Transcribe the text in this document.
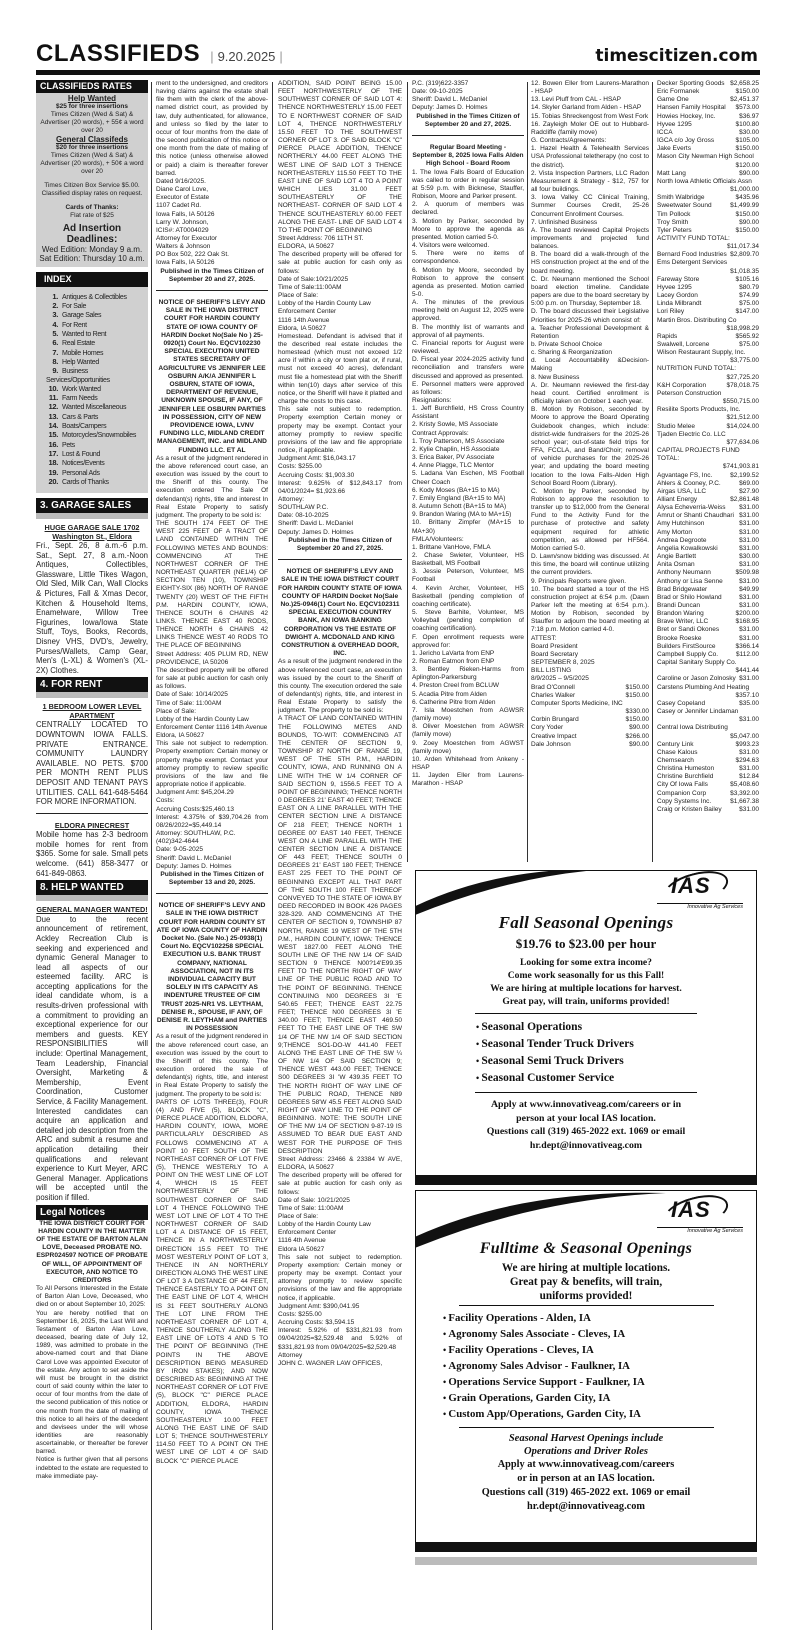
CLASSIFIEDS | 9.20.2025 |	timescitizen.com
CLASSIFIEDS RATES
Help Wanted
$25 for three insertions
Times Citizen (Wed & Sat) & Advertiser (20 words), + 55¢ a word over 20
General Classifeds
$20 for three insertions
Times Citizen (Wed & Sat) & Advertiser (20 words), + 50¢ a word over 20
Times Citizen Box Service $5.00. Classified display rates on request.
Cards of Thanks:
Flat rate of $25
Ad Insertion Deadlines:
Wed Edition: Monday 9 a.m.
Sat Edition: Thursday 10 a.m.
INDEX
1. Antiques & Collectibles
2. For Sale
3. Garage Sales
4. For Rent
5. Wanted to Rent
6. Real Estate
7. Mobile Homes
8. Help Wanted
9. Business Services/Opportunities
10. Work Wanted
11. Farm Needs
12. Wanted Miscellaneous
13. Cars & Parts
14. Boats/Campers
15. Motorcycles/Snowmobiles
16. Pets
17. Lost & Found
18. Notices/Events
19. Personal Ads
20. Cards of Thanks
3. GARAGE SALES
HUGE GARAGE SALE 1702 Washington St., Eldora
Fri., Sept. 26, 8 a.m.-6 p.m. Sat., Sept. 27, 8 a.m.-Noon Antiques, Collectibles, Glassware, Little Tikes Wagon, Old Sled, Milk Can, Wall Clocks & Pictures, Fall & Xmas Decor, Kitchen & Household Items, Enamelware, Willow Tree Figurines, Iowa/Iowa State Stuff, Toys, Books, Records, Disney VHS, DVD's, Jewelry, Purses/Wallets, Camp Gear, Men's (L-XL) & Women's (XL-2X) Clothes.
4. FOR RENT
1 BEDROOM LOWER LEVEL APARTMENT
CENTRALLY LOCATED TO DOWNTOWN IOWA FALLS. PRIVATE ENTRANCE. COMMUNITY LAUNDRY AVAILABLE. NO PETS. $700 PER MONTH RENT PLUS DEPOSIT AND TENANT PAYS UTILITIES. CALL 641-648-5464 FOR MORE INFORMATION.
ELDORA PINECREST
Mobile home has 2-3 bedroom mobile homes for rent from $365. Some for sale. Small pets welcome. (641) 858-3477 or 641-849-0863.
8. HELP WANTED
GENERAL MANAGER WANTED!
Due to the recent announcement of retirement, Ackley Recreation Club is seeking and experienced and dynamic General Manager to lead all aspects of our esteemed facility. ARC is accepting applications for the ideal candidate whom, is a results-driven professional with a commitment to providing an exceptional experience for our members and guests. KEY RESPONSIBILITIES will include: Opertinal Management, Team Leadership, Financial Oversight, Marketing & Membership, Event Coordination, Customer Service, & Facility Management. Interested candidates can acquire an application and detailed job description from the ARC and submit a resume and application detailing their qualifications and relevant experience to Kurt Meyer, ARC General Manager. Applications will be accepted until the position if filled.
Legal Notices
THE IOWA DISTRICT COURT FOR HARDIN COUNTY IN THE MATTER OF THE ESTATE OF BARTON ALAN LOVE, Deceased PROBATE NO. ESPR024597 NOTICE OF PROBATE OF WILL, OF APPOINTMENT OF EXECUTOR, AND NOTICE TO CREDITORS
To All Persons Interested in the Estate of Barton Alan Love, Deceased, who died on or about September 10, 2025:
You are hereby notified that on September 16, 2025, the Last Will and Testament of Barton Alan Love, deceased, bearing date of July 12, 1989, was admitted to probate in the above-named court and that Diane Carol Love was appointed Executor of the estate. Any action to set aside the will must be brought in the district court of said county within the later to occur of four months from the date of the second publication of this notice or one month from the date of mailing of this notice to all heirs of the decedent and devisees under the will whose identities are reasonably ascertainable, or thereafter be forever barred.
Notice is further given that all persons indebted to the estate are requested to make immediate pay-
ment to the undersigned, and creditors having claims against the estate shall file them with the clerk of the above-named district court, as provided by law, duly authenticated, for allowance, and unless so filed by the later to occur of four months from the date of the second publication of this notice or one month from the date of mailing of this notice (unless otherwise allowed or paid) a claim is thereafter forever barred.
Dated 9/16/2025.
Diane Carol Love,
Executor of Estate
1107 Cadet Rd.
Iowa Falls, IA 50126
Larry W. Johnson,
ICIS#: AT0004029
Attorney for Executor
Walters & Johnson
PO Box 502, 222 Oak St.
Iowa Falls, IA 50126
Published in the Times Citizen of September 20 and 27, 2025.
NOTICE OF SHERIFF'S LEVY AND SALE IN THE IOWA DISTRICT COURT FOR HARDIN COUNTY STATE OF IOWA COUNTY OF HARDIN Docket No(Sale No ) 25-0920(1) Court No. EQCV102230 SPECIAL EXECUTION UNITED STATES SECRETARY OF AGRICULTURE VS JENNIFER LEE OSBURN A/K/A JENNIFER L OSBURN, STATE OF IOWA, DEPARTMENT OF REVENUE, UNKNOWN SPOUSE, IF ANY, OF JENNIFER LEE OSBURN PARTIES IN POSSESSION, CITY OF NEW PROVIDENCE IOWA, LVNV FUNDING LLC, MIDLAND CREDIT MANAGEMENT, INC. and MIDLAND FUNDING LLC. ET AL
As a result of the judgment rendered in the above referenced court case, an execution was issued by the court to the Sheriff of this county. The execution ordered The Sale Of defendant(s) rights, title and interest In Real Estate Property to satisfy judgment. The property to be sold is:
THE SOUTH 174 FEET OF THE WEST 225 FEET OF A TRACT OF LAND CONTAINED WITHIN THE FOLLOWING METES AND BOUNDS: COMMENCING AT THE NORTHWEST CORNER OF THE NORTHEAST QUARTER (NE1/4) OF SECTION TEN (10), TOWNSHIP EIGHTY-SIX (86) NORTH OF RANGE TWENTY (20) WEST OF THE FIFTH P.M. HARDIN COUNTY, IOWA, THENCE SOUTH 6 CHAINS 42 LINKS. THENCE EAST 40 RODS, THENCE NORTH 6 CHAINS 42 LINKS THENCE WEST 40 RODS TO THE PLACE OF BEGINNING
Street Address: 405 PLUM RD, NEW PROVIDENCE, IA 50206
The described property will be offered for sale at public auction for cash only as follows.
Date of Sale: 10/14/2025
Time of Sale: 11:00AM
Place of Sale:
Lobby of the Hardin County Law
Enforcement Center 1116 14th Avenue
Eldora, IA 50627
This sale not subject to redemption. Property exemption: Certain money or property maybe exempt. Contact your attorney promptly to review specific provisions of the law and file appropriate notice if applicable.
Judgment Amt: $45,204.29
Costs:
Accruing Costs:$25,460.13
Interest: 4.375% of $39,704.26 from 08/26/2022=$5,449.14
Attorney: SOUTHLAW, P.C.
(402)342-4644
Date: 9-05-2025
Sheriff: David L. McDaniel
Deputy: James D. Holmes
Published in the Times Citizen of September 13 and 20, 2025.
NOTICE OF SHERIFF'S LEVY AND SALE IN THE IOWA DISTRICT COURT FOR HARDIN COUNTY ST ATE OF IOWA COUNTY OF HARDIN Docket No. (Sale No.) 25-0938(1) Court No. EQCV102258 SPECIAL EXECUTION U.S. BANK TRUST COMPANY, NATIONAL ASSOCIATION, NOT IN ITS INDIVIDUAL CAPACITY BUT SOLELY IN ITS CAPACITY AS INDENTURE TRUSTEE OF CIM TRUST 2025-NR1 VS. LEYTHAM, DENISE R., SPOUSE, IF ANY, OF DENISE R. LEYTHAM and PARTIES IN POSSESSION
As a result of the judgment rendered in the above referenced court case, an execution was issued by the court to the Sheriff of this county. The execution ordered the sale of defendant(s) rights, title, and interest in Real Estate Property to satisfy the judgment. The property to be sold is:
PARTS OF LOTS THREE(3), FOUR (4) AND FIVE (5), BLOCK "C", PIERCE PLACE ADDITION, ELDORA, HARDIN COUNTY, IOWA, MORE PARTICULARLY DESCRIBED AS FOLLOWS COMMENCING AT A POINT 10 FEET SOUTH OF THE NORTHEAST CORNER OF LOT FIVE (5), THENCE WESTERLY TO A POINT ON THE WEST LINE OF LOT 4, WHICH IS 15 FEET NORTHWESTERLY OF THE SOUTHWEST CORNER OF SAID LOT 4 THENCE FOLLOWING THE WEST LOT LINE OF LOT 4 TO THE NORTHWEST CORNER OF SAID LOT 4 A DISTANCE OF 15 FEET, THENCE IN A NORTHWESTERLY DIRECTION 15.5 FEET TO THE MOST WESTERLY POINT OF LOT 3, THENCE IN AN NORTHERLY DIRECTION ALONG THE WEST LINE OF LOT 3 A DISTANCE OF 44 FEET, THENCE EASTERLY TO A POINT ON THE EAST LINE OF LOT 4, WHICH IS 31 FEET SOUTHERLY ALONG THE LOT LINE FROM THE NORTHEAST CORNER OF LOT 4, THENCE SOUTHERLY ALONG THE EAST LINE OF LOTS 4 AND 5 TO THE POINT OF BEGINNING (THE POINTS IN THE ABOVE DESCRIPTION BEING MEASURED BY IRON STAKES); AND NOW DESCRIBED AS: BEGINNING AT THE NORTHEAST CORNER OF LOT FIVE (5), BLOCK "C" PIERCE PLACE ADDITION, ELDORA, HARDIN COUNTY, IOWA THENCE SOUTHEASTERLY 10.00 FEET ALONG THE EAST LINE OF SAID LOT 5; THENCE SOUTHWESTERLY 114.50 FEET TO A POINT ON THE WEST LINE OF LOT 4 OF SAID BLOCK "C" PIERCE PLACE
ADDITION, SAID POINT BEING 15.00 FEET NORTHWESTERLY OF THE SOUTHWEST CORNER OF SAID LOT 4: THENCE NORTHWESTERLY 15.00 FEET TO E NORTHWEST CORNER OF SAID LOT 4, THENCE NORTHWESTERLY 15.50 FEET TO THE SOUTHWEST CORNER OF LOT 3. OF SAID BLOCK "C" PIERCE PLACE ADDITION, THENCE NORTHERLY 44.00 FEET ALONG THE WEST LINE OF SAID LOT 3 THENCE NORTHEASTERLY 115.50 FEET TO THE EAST LINE OF SAID LOT 4 TO A POINT WHICH LIES 31.00 FEET SOUTHEASTERLY OF THE NORTHEAST- CORNER OF SAID LOT 4 THENCE SOUTHEASTERLY 60.00 FEET ALONG THE EAST- LINE OF SAID LOT 4 TO THE POINT OF BEGINNING
Street Address: 706 11TH ST.
ELDORA, IA 50627
The described property will be offered for sale at public auction for cash only as follows:
Date of Sale:10/21/2025
Time of Sale:11:00AM
Place of Sale:
Lobby of the Hardin County Law
Enforcement Center
1116 14th Avenue
Eldora, IA 50627
Homestead. Defendant is advised that if the described real estate includes the homestead (which must not exceed 1/2 acre if within a city or town plat or, if rural, must not exceed 40 acres), defendant must file a homestead plat with the Sheriff within ten(10) days after service of this notice, or the Sheriff will have it platted and charge the costs to this case.
This sale not subject to redemption. Property exemption Certain money or property may be exempt. Contact your attorney promptly to review specific provisions of the law and file appropriate notice, if applicable.
Judgment Amt: $16,043.17
Costs: $255.00
Accruing Costs: $1,903.30
Interest: 9.625% of $12,843.17 from 04/01/2024= $1,923.66
Attorney:
SOUTHLAW P.C.
Date: 08-10-2025
Sheriff: David L. McDaniel
Deputy: James D. Holmes
Published in the Times Citizen of September 20 and 27, 2025.
NOTICE OF SHERIFF'S LEVY AND SALE IN THE IOWA DISTRICT COURT FOR HARDIN COUNTY STATE OF IOWA COUNTY OF HARDIN Docket No(Sale No.)25-0946(1) Court No. EQCV102311 SPECIAL EXECUTION COUNTRY BANK, AN IOWA BANKING CORPORATION VS THE ESTATE OF DWIGHT A. MCDONALD AND KING CONSTRUTION & OVERHEAD DOOR, INC.
As a result of the judgment rendered in the above referenced court case, an execution was issued by the court to the Sheriff of this county. The execution ordered the sale of defendant(s) rights, title, and interest in Real Estate Property to satisfy the judgment. The property to be sold is:
A TRACT OF LAND CONTAINED WITHIN THE FOLLOWING METES AND BOUNDS, TO-WIT: COMMENCING AT THE CENTER OF SECTION 9, TOWNSHIP 87 NORTH OF RANGE 19, WEST OF THE 5TH P.M., HARDIN COUNTY, IOWA, AND RUNNING ON A LINE WITH THE W 1/4 CORNER OF SAID SECTION 9, 1556.5 FEET TO A POINT OF BEGINNING; THENCE NORTH 0 DEGREES 21' EAST 40 FEET; THENCE EAST ON A LINE PARALLEL WITH THE CENTER SECTION LINE A DISTANCE OF 218 FEET; THENCE NORTH 1 DEGREE 00' EAST 140 FEET, THENCE WEST ON A LINE PARALLEL WITH THE CENTER SECTION LINE A DISTANCE OF 443 FEET; THENCE SOUTH 0 DEGREES 21' EAST 180 FEET; THENCE EAST 225 FEET TO THE POINT OF BEGINNING EXCEPT ALL THAT PART OF THE SOUTH 100 FEET THEREOF CONVEYED TO THE STATE OF IOWA BY DEED RECORDED IN BOOK 426 PAGES 328-329. AND COMMENCING AT THE CENTER OF SECTION 9, TOWNSHIP 87 NORTH, RANGE 19 WEST OF THE 5TH P.M., HARDIN COUNTY, IOWA: THENCE WEST 1827.00 FEET ALONG THE SOUTH LINE OF THE NW 1/4 OF SAID SECTION 9 THENCE N00?14'E99.35 FEET TO THE NORTH RIGHT OF WAY LINE OF THE PUBLIC ROAD AND TO THE POINT OF BEGINNING. THENCE CONTINUING N00 DEGREES 3I 'E 540.65 FEET; THENCE EAST 22.75 FEET; THENCE N00 DEGREES 3I 'E 340.00 FEET; THENCE EAST 469.50 FEET TO THE EAST LINE OF THE SW 1/4 OF THE NW 1/4 OF SAID SECTION 9;THENCE SO1-DO-W 441.40 FEET ALONG THE EAST LINE OF THE SW ¼ OF NW 1/4 OF SAID SECTION 9; THENCE WEST 443.00 FEET; THENCE S00 DEGREES 3I 'W 439.35 FEET TO THE NORTH RIGHT OF WAY LINE OF THE PUBLIC ROAD, THENCE N89 DEGREES 58'W 45.5 FEET ALONG SAID RIGHT OF WAY LINE TO THE POINT OF BEGINNING. NOTE: THE SOUTH LINE OF THE NW 1/4 OF SECTION 9-87-19 IS ASSUMED TO BEAR DUE EAST AND WEST FOR THE PURPOSE OF THIS DESCRIPTION
Street Address: 23466 & 23384 W AVE, ELDORA, IA 50627
The described property will be offered for sale at public auction for cash only as follows:
Date of Sale: 10/21/2025
Time of Sale: 11:00AM
Place of Sale:
Lobby of the Hardin County Law
Enforcement Center
1116 4th Avenue
Eldora IA 50627
This sale not subject to redemption. Property exemption: Certain money or property may be exempt. Contact your attorney promptly to review specific provisions of the law and file appropriate notice, if applicable.
Judgment Amt: $390,041.95
Costs: $255.00
Accruing Costs: $3,594.15
Interest: 5.92% of $331,821.93 from 09/04/2025=$2,529.48 and 5.92% of $331,821.93 from 09/04/2025=$2,529.48
Attorney
JOHN C. WAGNER LAW OFFICES,
P.C. (319)622-3357
Date: 09-10-2025
Sheriff: David L. McDaniel
Deputy: James D. Holmes
Published in the Times Citizen of September 20 and 27, 2025.
Regular Board Meeting - September 8, 2025 Iowa Falls Alden High School - Board Room
1. The Iowa Falls Board of Education was called to order in regular session at 5:59 p.m. with Bicknese, Stauffer, Robison, Moore and Parker present.
2. A quorum of members was declared.
3. Motion by Parker, seconded by Moore to approve the agenda as presented. Motion carried 5-0.
4. Visitors were welcomed.
5. There were no items of correspondence.
6. Motion by Moore, seconded by Robison to approve the consent agenda as presented. Motion carried 5-0.
A. The minutes of the previous meeting held on August 12, 2025 were approved.
B. The monthly list of warrants and approval of all payments.
C. Financial reports for August were reviewed.
D. Fiscal year 2024-2025 activity fund reconciliation and transfers were discussed and approved as presented.
E. Personnel matters were approved as follows:
Resignations:
1. Jeff Burchfield, HS Cross Country Assistant
2. Kristy Sowle, MS Associate
Contract Approvals:
1. Troy Patterson, MS Associate
2. Kylie Chaplin, HS Associate
3. Erica Baker, PV Associate
4. Anne Plagge, TLC Mentor
5. Ladana Van Eschen, MS Football Cheer Coach
6. Kody Moses (BA+15 to MA)
7. Emily England (BA+15 to MA)
8. Autumn Schott (BA+15 to MA)
9. Brandon Waring (MA to MA+15)
10. Brittany Zimpfer (MA+15 to MA+30)
FMLA/Volunteers:
1. Brittane VanHove, FMLA
2. Chase Swieter, Volunteer, HS Basketball, MS Football
3. Jessie Peterson, Volunteer, MS Football
4. Kevin Archer, Volunteer, HS Basketball (pending completion of coaching certificate).
5. Steve Barhite, Volunteer, MS Volleyball (pending completion of coaching certification).
F. Open enrollment requests were approved for:
1. Jericho LaVarta from ENP
2. Roman Eatmon from ENP
3. Bentley Rieken-Harms from Aplington-Parkersburg
4. Preston Creel from BCLUW
5. Acadia Pitre from Alden
6. Catherine Pitre from Alden
7. Isla Moestchen from AGWSR (family move)
8. Oliver Moestchen from AGWSR (family move)
9. Zoey Moestchen from AGWST (family move)
10. Arden Whitehead from Ankeny - HSAP
11. Jayden Eller from Laurens-Marathon - HSAP
12. Bowen Eller from Laurens-Marathon - HSAP
13. Levi Pluff from CAL - HSAP
14. Skyler Garland from Alden - HSAP
15. Tobias Shreckengost from West Fork
16. Zayleigh Moler OE out to Hubbard-Radcliffe (family move)
G. Contracts/Agreements:
1. Hazel Health & Telehealth Services USA Professional teletherapy (no cost to the district).
2. Vista Inspection Partners, LLC Radon Measurement & Strategy - $12, 757 for all four buildings.
3. Iowa Valley CC Clinical Training, Summer Courses Credit, 25-26 Concurrent Enrollment Courses.
7. Unfinished Business
A. The board reviewed Capital Projects improvements and projected fund balances.
B. The board did a walk-through of the HS construction project at the end of the board meeting.
C. Dr. Neumann mentioned the School board election timeline. Candidate papers are due to the board secretary by 5:00 p.m. on Thursday, September 18.
D. The board discussed their Legislative Priorities for 2025-26 which consist of:
a. Teacher Professional Development & Retention
b. Private School Choice
c. Sharing & Reorganization
d. Local Accountability &Decision-Making
8. New Business
A. Dr. Neumann reviewed the first-day head count. Certified enrollment is officially taken on October 1 each year.
B. Motion by Robison, seconded by Moore to approve the Board Operating Guidebook changes, which include: district-wide fundraisers for the 2025-26 school year; out-of-state field trips for FFA, FCCLA, and Band/Choir; removal of vehicle purchases for the 2025-26 year; and updating the board meeting location to the Iowa Falls-Alden High School Board Room (Library).
C. Motion by Parker, seconded by Robison to approve the resolution to transfer up to $12,000 from the General Fund to the Activity Fund for the purchase of protective and safety equipment required for athletic competition, as allowed per HF564. Motion carried 5-0.
D. Lawn/snow bidding was discussed. At this time, the board will continue utilizing the current providers.
9. Principals Reports were given.
10. The board started a tour of the HS construction project at 6:54 p.m. (Dawn Parker left the meeting at 6:54 p.m.). Motion by Robison, seconded by Stauffer to adjourn the board meeting at 7:18 p.m. Motion carried 4-0.
ATTEST:
Board President
Board Secretary
SEPTEMBER 8, 2025
BILL LISTING
8/9/2025 – 9/5/2025
Brad O'Connell	$150.00
Charles Walker	$150.00
Computer Sports Medicine, INC
$330.00
Corbin Brungard	$150.00
Cory Yoder	$90.00
Creative Impact	$266.00
Dale Johnson	$90.00
Decker Sporting Goods $2,658.25
Eric Formanek	$150.00
Game One	$2,451.37
Hansen Family Hospital	$573.00
Howies Hockey, Inc.	$36.97
Hyvee 1295	$100.80
ICCA	$30.00
IGCA c/o Joy Gross	$105.00
Jake Everts	$150.00
Mason City Newman High School
$120.00
Matt Lang	$90.00
North Iowa Athletic Officials Assn
$1,000.00
Smith Walbridge	$435.96
Sweetwater Sound	$1,499.99
Tim Pollock	$150.00
Troy Smith	$90.00
Tyler Peters	$150.00
ACTIVITY FUND TOTAL:
$11,017.34
Bernard Food Industries $2,809.70
Ems Detergent Services
$1,018.35
Fareway Store	$105.16
Hyvee 1295	$80.79
Lacey Gordon	$74.99
Linda Milbrandt	$75.00
Lori Riley	$147.00
Martin Bros. Distributing Co
$18,998.29
Rapids	$565.92
Swalwell, Lorcene	$75.00
Wilson Restaurant Supply, Inc.
$3,775.00
NUTRITION FUND TOTAL:
$27,725.20
K&H Corporation	$78,018.75
Peterson Construction
$550,715.00
Resilite Sports Products, Inc.
$21,512.00
Studio Melee	$14,024.00
Tjaden Electric Co. LLC
$77,634.06
CAPITAL PROJECTS FUND TOTAL:
$741,903.81
Agvantage FS, Inc.	$2,199.52
Ahlers & Cooney, P.C.	$69.00
Airgas USA, LLC	$27.90
Alliant Energy	$2,861.48
Alysa Echeverria-Weiss	$31.00
Amrut or Shanti Chaudhari $31.00
Amy Hutchinson	$31.00
Amy Morton	$31.00
Andrea Degroote	$31.00
Angelia Kowalkowski	$31.00
Angie Bartlett	$30.00
Anita Osman	$31.00
Anthony Neumann	$509.98
Anthony or Lisa Senne	$31.00
Brad Bridgewater	$49.99
Brad or Shilo Howland	$31.00
Brandi Duncan	$31.00
Brandon Waring	$200.00
Brave Writer, LLC	$168.95
Bret or Sandi Okones	$31.00
Brooke Roeske	$31.00
Builders FirstSource	$366.14
Campbell Supply Co.	$112.00
Capital Sanitary Supply Co.
$441.44
Caroline or Jason Zolnosky $31.00
Carstens Plumbing And Heating
$357.10
Casey Copeland	$35.00
Casey or Jennifer Lindaman
$31.00
Central Iowa Distributing
$5,047.00
Century Link	$993.23
Chase Kalous	$31.00
Chemsearch	$294.63
Christina Humeston	$31.00
Christine Burchfield	$12.84
City Of Iowa Falls	$5,408.60
Companion Corp	$3,392.00
Copy Systems Inc.	$1,667.38
Craig or Kristen Bailey	$31.00
IAS
Innovative Ag Services
Fall Seasonal Openings
$19.76 to $23.00 per hour
Looking for some extra income?
Come work seasonally for us this Fall!
We are hiring at multiple locations for harvest.
Great pay, will train, uniforms provided!
• Seasonal Operations
• Seasonal Tender Truck Drivers
• Seasonal Semi Truck Drivers
• Seasonal Customer Service
Apply at www.innovativeag.com/careers or in
person at your local IAS location.
Questions call (319) 465-2022 ext. 1069 or email
hr.dept@innovativeag.com
IAS
Innovative Ag Services
Fulltime & Seasonal Openings
We are hiring at multiple locations.
Great pay & benefits, will train,
uniforms provided!
• Facility Operations - Alden, IA
• Agronomy Sales Associate - Cleves, IA
• Facility Operations - Cleves, IA
• Agronomy Sales Advisor - Faulkner, IA
• Operations Service Support - Faulkner, IA
• Grain Operations, Garden City, IA
• Custom App/Operations, Garden City, IA
Seasonal Harvest Openings include
Operations and Driver Roles
Apply at www.innovativeag.com/careers
or in person at an IAS location.
Questions call (319) 465-2022 ext. 1069 or email
hr.dept@innovativeag.com
